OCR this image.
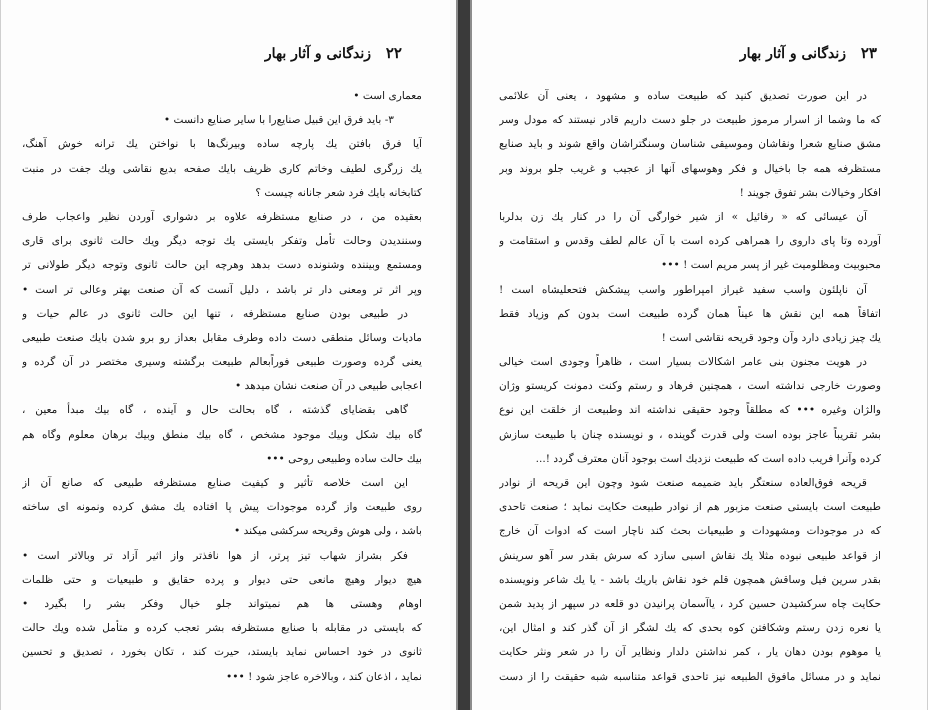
۲۲ زندگانی و آثار بهار
معماری است •
۳- باید فرق این قبیل صنایع‌را با سایر صنایع دانست •
آیا فرق بافتن یك پارچه ساده وبیرنگ‌ها با نواختن یك ترانه خوش آهنگ،
یك زرگری لطیف وخاتم کاری ظریف بایك صفحه بدیع نقاشی ویك جفت در منبت
کتابخانه بایك فرد شعر جانانه چیست ؟
بعقیده من ، در صنایع مستظرفه علاوه بر دشواری آوردن نظیر واعجاب طرف
وسنندیدن وحالت تأمل وتفکر بایستی یك توجه دیگر ویك حالت ثانوی برای قاری
ومستمع وبیننده وشنونده دست بدهد وهرچه این حالت ثانوی وتوجه دیگر طولانی تر
وپر اثر تر ومعنی دار تر باشد ، دلیل آنست که آن صنعت بهتر وعالی تر است •
در طبیعی بودن صنایع مستظرفه ، تنها این حالت ثانوی در عالم حیات و
مادیات وسائل منطقی دست داده وطرف مقابل بعداز رو برو شدن بایك صنعت طبیعی
یعنی گرده وصورت طبیعی فوراًبعالم طبیعت برگشته وسیری مختصر در آن گرده و
اعجابی طبیعی در آن صنعت نشان میدهد •
گاهی بقضایای گذشته ، گاه بحالت حال و آینده ، گاه بیك مبدأ معین ،
گاه بیك شکل وبیك موجود مشخص ، گاه بیك منطق وبیك برهان معلوم وگاه هم
بیك حالت ساده وطبیعی روحی •••
این است خلاصه تأثیر و کیفیت صنایع مستظرفه طبیعی که صانع آن از
روی طبیعت واز گرده موجودات پیش پا افتاده یك مشق کرده ونمونه ای ساخته
باشد ، ولی هوش وقریحه سرکشی میکند •
فکر بشراز شهاب تیز پرتر، از هوا نافذتر واز اثیر آزاد تر وبالاتر است •
هیچ دیوار وهیچ مانعی حتی دیوار و پرده حقایق و طبیعیات و حتی ظلمات
اوهام وهستی ها هم نمیتواند جلو خیال وفکر بشر را بگیرد •
که بایستی در مقابله با صنایع مستظرفه بشر تعجب کرده و متأمل شده ویك حالت
ثانوی در خود احساس نماید بایستد، حیرت کند ، تکان بخورد ، تصدیق و تحسین
نماید ، اذعان کند ، وبالاخره عاجز شود ! •••
۲۳ زندگانی و آثار بهار
در این صورت تصدیق کنید که طبیعت ساده و مشهود ، یعنی آن علائمی
که ما وشما از اسرار مرموز طبیعت در جلو دست داریم قادر نیستند که مودل وسر
مشق صنایع شعرا ونقاشان وموسیقی شناسان وسنگتراشان واقع شوند و باید صنایع
مستظرفه همه جا باخیال و فکر وهوسهای آنها از عجیب و غریب جلو بروند وبر
افکار وخیالات بشر تفوق جویند !
آن عیسائی که « رفائیل » از شیر خوارگی آن را در کنار یك زن بدلربا
آورده وتا پای داروی را همراهی کرده است با آن عالم لطف وقدس و استقامت و
محبوبیت ومظلومیت غیر از پسر مریم است ! •••
آن ناپلئون واسب سفید غیراز امپراطور واسب پیشکش فتحعلیشاه است !
اتفاقاً همه این نقش ها عیناً همان گرده طبیعت است بدون کم وزیاد فقط
یك چیز زیادی دارد وآن وجود قریحه نقاشی است !
در هویت مجنون بنی عامر اشکالات بسیار است ، ظاهراً وجودی است خیالی
وصورت خارجی نداشته است ، همچنین فرهاد و رستم وکنت دمونت کریستو وژان
والژان وغیره ••• که مطلقاً وجود حقیقی نداشته اند وطبیعت از خلقت این نوع
بشر تقریباً عاجز بوده است ولی قدرت گوینده ، و نویسنده چنان با طبیعت سازش
کرده وآنرا فریب داده است که طبیعت نزدیك است بوجود آنان معترف گردد !...
قریحه فوق‌العاده سنعتگر باید ضمیمه صنعت شود وچون این قریحه از نوادر
طبیعت است بایستی صنعت مزبور هم از نوادر طبیعت حکایت نماید ؛ صنعت تاحدی
که در موجودات ومشهودات و طبیعیات بحث کند ناچار است که ادوات آن خارج
از قواعد طبیعی نبوده مثلا یك نقاش اسبی سازد که سرش بقدر سر آهو سرینش
بقدر سرین فیل وساقش همچون قلم خود نقاش باریك باشد - یا یك شاعر ونویسنده
حکایت چاه سرکشیدن حسین کرد ، یاآسمان پرانیدن دو قلعه در سپهر از پدید شمن
یا نعره زدن رستم وشکافتن کوه بحدی که یك لشگر از آن گذر کند و امثال این،
یا موهوم بودن دهان یار ، کمر نداشتن دلدار ونظایر آن را در شعر ونثر حکایت
نماید و در مسائل مافوق الطبیعه نیز تاحدی قواعد متناسبه شبه حقیقت را از دست
